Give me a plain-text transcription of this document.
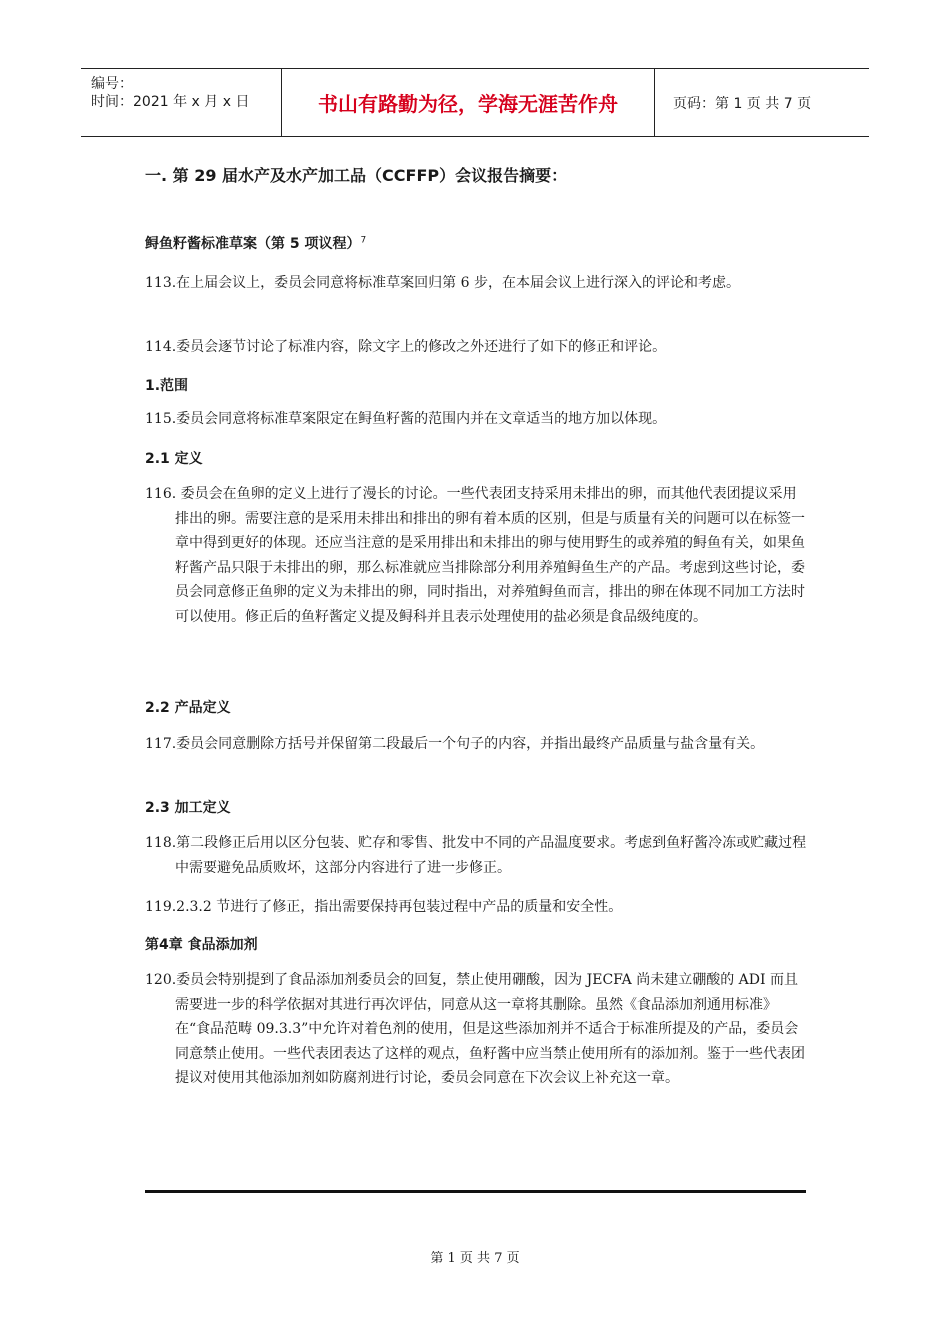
编号：
时间：2021 年 x 月 x 日	书山有路勤为径，学海无涯苦作舟	页码：第 1 页 共 7 页
一. 第 29 届水产及水产加工品（CCFFP）会议报告摘要：
鲟鱼籽酱标准草案（第 5 项议程）$^7$
113.在上届会议上，委员会同意将标准草案回归第 6 步，在本届会议上进行深入的评论和考虑。
114.委员会逐节讨论了标准内容，除文字上的修改之外还进行了如下的修正和评论。
1.范围
115.委员会同意将标准草案限定在鲟鱼籽酱的范围内并在文章适当的地方加以体现。
2.1 定义
116. 委员会在鱼卵的定义上进行了漫长的讨论。一些代表团支持采用未排出的卵，而其他代表团提议采用排出的卵。需要注意的是采用未排出和排出的卵有着本质的区别，但是与质量有关的问题可以在标签一章中得到更好的体现。还应当注意的是采用排出和未排出的卵与使用野生的或养殖的鲟鱼有关，如果鱼籽酱产品只限于未排出的卵，那么标准就应当排除部分利用养殖鲟鱼生产的产品。考虑到这些讨论，委员会同意修正鱼卵的定义为未排出的卵，同时指出，对养殖鲟鱼而言，排出的卵在体现不同加工方法时可以使用。修正后的鱼籽酱定义提及鲟科并且表示处理使用的盐必须是食品级纯度的。
2.2 产品定义
117.委员会同意删除方括号并保留第二段最后一个句子的内容，并指出最终产品质量与盐含量有关。
2.3 加工定义
118.第二段修正后用以区分包装、贮存和零售、批发中不同的产品温度要求。考虑到鱼籽酱冷冻或贮藏过程中需要避免品质败坏，这部分内容进行了进一步修正。
119.2.3.2 节进行了修正，指出需要保持再包装过程中产品的质量和安全性。
第4章 食品添加剂
120.委员会特别提到了食品添加剂委员会的回复，禁止使用硼酸，因为 JECFA 尚未建立硼酸的 ADI 而且需要进一步的科学依据对其进行再次评估，同意从这一章将其删除。虽然《食品添加剂通用标准》在“食品范畴 09.3.3”中允许对着色剂的使用，但是这些添加剂并不适合于标准所提及的产品，委员会同意禁止使用。一些代表团表达了这样的观点，鱼籽酱中应当禁止使用所有的添加剂。鉴于一些代表团提议对使用其他添加剂如防腐剂进行讨论，委员会同意在下次会议上补充这一章。
第 1 页 共 7 页
